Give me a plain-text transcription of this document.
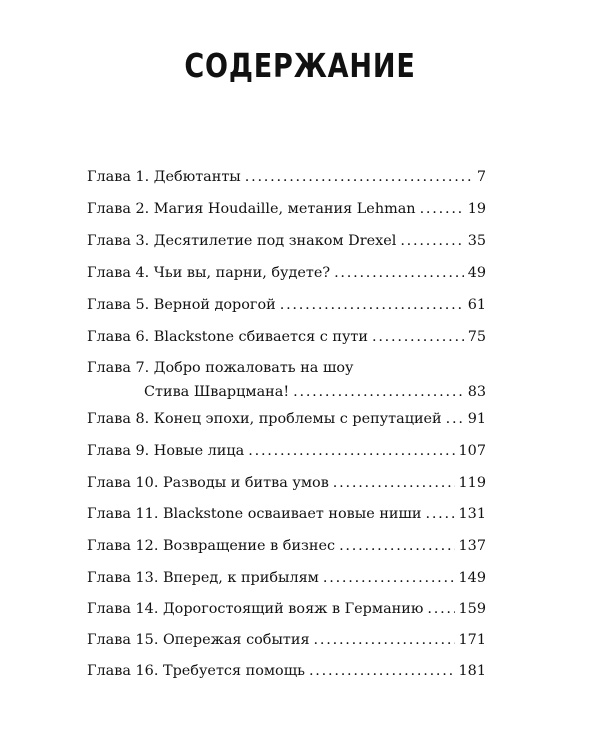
СОДЕРЖАНИЕ
Глава 1. Дебютанты . . .	7
Глава 2. Магия Houdaille, метания Lehman . . .	19
Глава 3. Десятилетие под знаком Drexel . . .	35
Глава 4. Чьи вы, парни, будете? . . .	49
Глава 5. Верной дорогой . . .	61
Глава 6. Blackstone сбивается с пути . . .	75
Глава 7. Добро пожаловать на шоу
Стива Шварцмана! . . .	83
Глава 8. Конец эпохи, проблемы с репутацией . . . 91
Глава 9. Новые лица . . .	107
Глава 10. Разводы и битва умов . . .	119
Глава 11. Blackstone осваивает новые ниши . . .	131
Глава 12. Возвращение в бизнес . . .	137
Глава 13. Вперед, к прибылям . . .	149
Глава 14. Дорогостоящий вояж в Германию . . . 159
Глава 15. Опережая события . . .	171
Глава 16. Требуется помощь . . .	181
